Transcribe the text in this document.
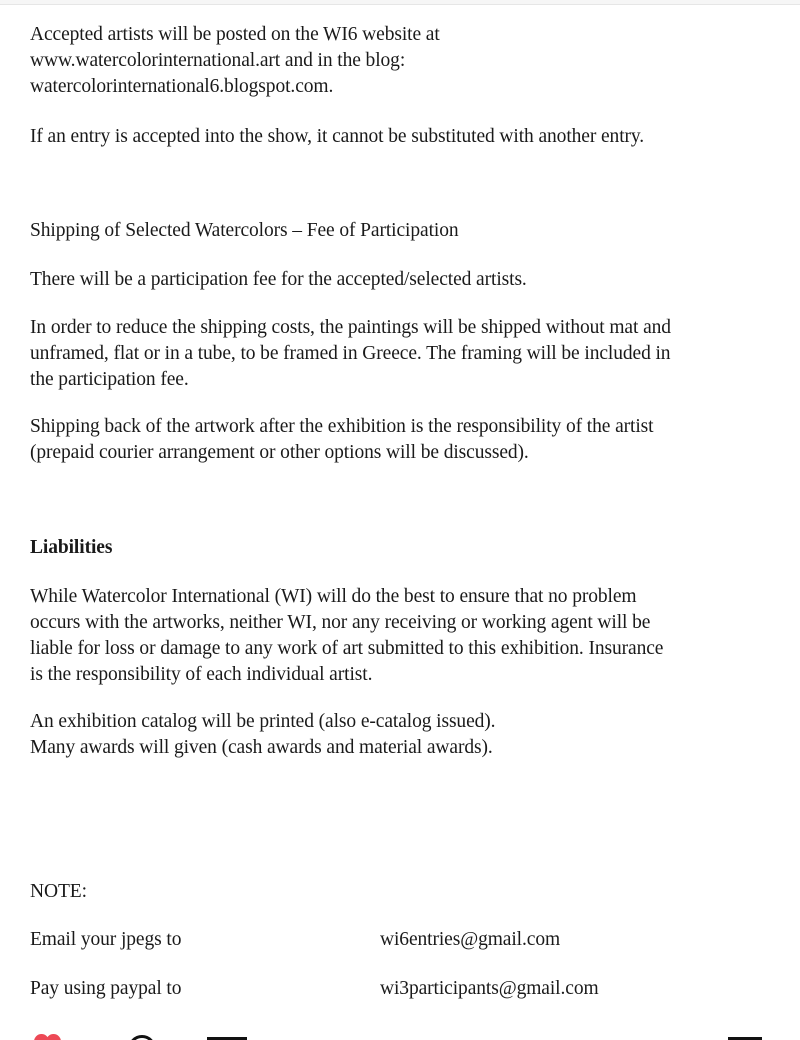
Accepted artists will be posted on the WI6 website at
www.watercolorinternational.art and in the blog:
watercolorinternational6.blogspot.com.
If an entry is accepted into the show, it cannot be substituted with another entry.
Shipping of Selected Watercolors – Fee of Participation
There will be a participation fee for the accepted/selected artists.
In order to reduce the shipping costs, the paintings will be shipped without mat and
unframed, flat or in a tube, to be framed in Greece. The framing will be included in
the participation fee.
Shipping back of the artwork after the exhibition is the responsibility of the artist
(prepaid courier arrangement or other options will be discussed).
Liabilities
While Watercolor International (WI) will do the best to ensure that no problem
occurs with the artworks, neither WI, nor any receiving or working agent will be
liable for loss or damage to any work of art submitted to this exhibition. Insurance
is the responsibility of each individual artist.
An exhibition catalog will be printed (also e-catalog issued).
Many awards will given (cash awards and material awards).
NOTE:
Email your jpegs to	wi6entries@gmail.com
Pay using paypal to	wi3participants@gmail.com
